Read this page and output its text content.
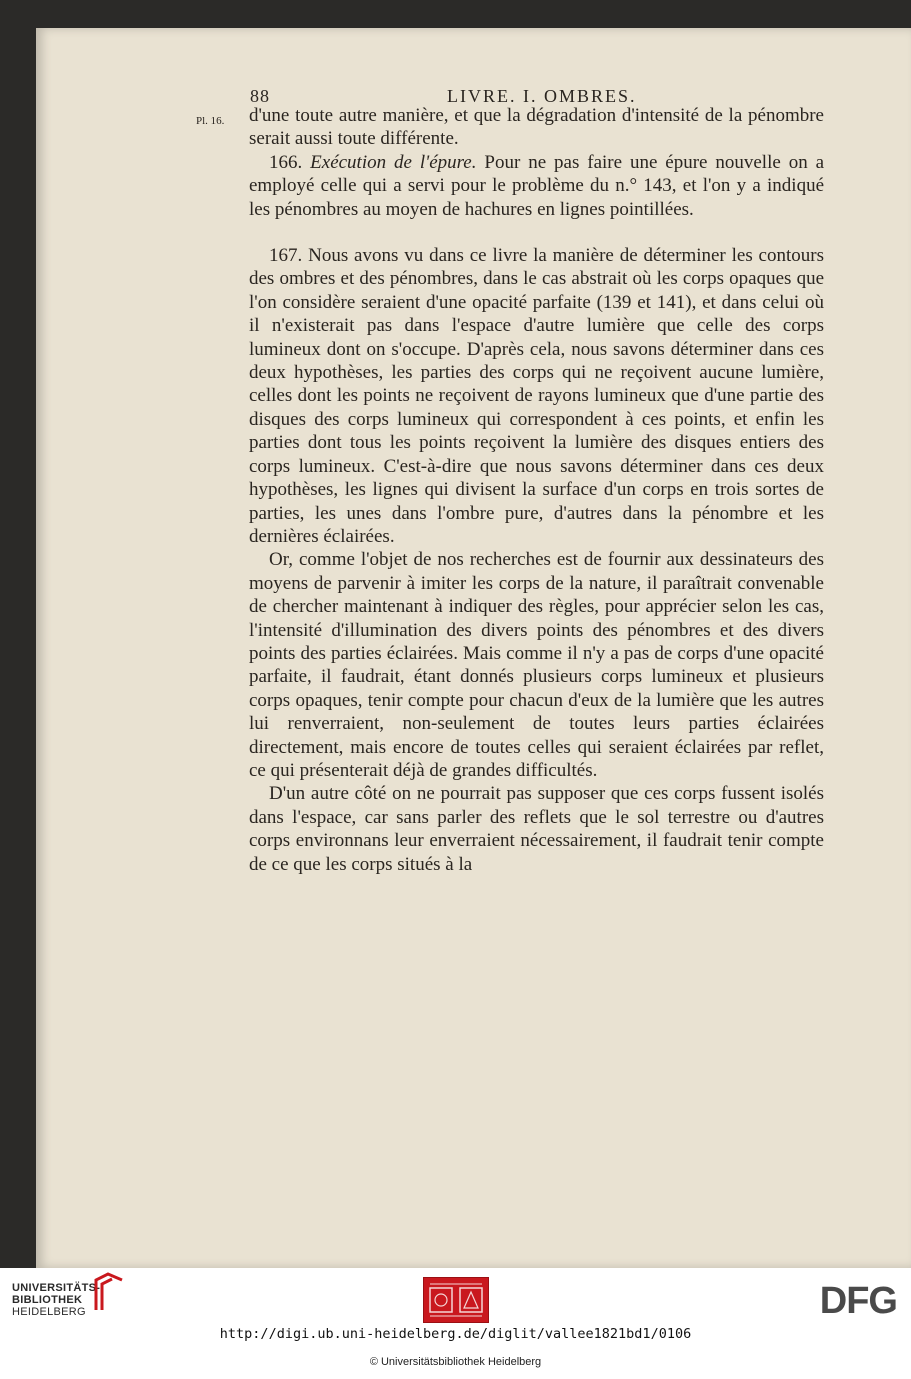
88	LIVRE. I. OMBRES.
Pl. 16. d'une toute autre manière, et que la dégradation d'intensité de la pénombre serait aussi toute différente.

166. Exécution de l'épure. Pour ne pas faire une épure nouvelle on a employé celle qui a servi pour le problème du n.° 143, et l'on y a indiqué les pénombres au moyen de hachures en lignes pointillées.

167. Nous avons vu dans ce livre la manière de déterminer les contours des ombres et des pénombres, dans le cas abstrait où les corps opaques que l'on considère seraient d'une opacité parfaite (139 et 141), et dans celui où il n'existerait pas dans l'espace d'autre lumière que celle des corps lumineux dont on s'occupe. D'après cela, nous savons déterminer dans ces deux hypothèses, les parties des corps qui ne reçoivent aucune lumière, celles dont les points ne reçoivent de rayons lumineux que d'une partie des disques des corps lumineux qui correspondent à ces points, et enfin les parties dont tous les points reçoivent la lumière des disques entiers des corps lumineux. C'est-à-dire que nous savons déterminer dans ces deux hypothèses, les lignes qui divisent la surface d'un corps en trois sortes de parties, les unes dans l'ombre pure, d'autres dans la pénombre et les dernières éclairées.

Or, comme l'objet de nos recherches est de fournir aux dessinateurs des moyens de parvenir à imiter les corps de la nature, il paraîtrait convenable de chercher maintenant à indiquer des règles, pour apprécier selon les cas, l'intensité d'illumination des divers points des pénombres et des divers points des parties éclairées. Mais comme il n'y a pas de corps d'une opacité parfaite, il faudrait, étant donnés plusieurs corps lumineux et plusieurs corps opaques, tenir compte pour chacun d'eux de la lumière que les autres lui renverraient, non-seulement de toutes leurs parties éclairées directement, mais encore de toutes celles qui seraient éclairées par reflet, ce qui présenterait déjà de grandes difficultés.

D'un autre côté on ne pourrait pas supposer que ces corps fussent isolés dans l'espace, car sans parler des reflets que le sol terrestre ou d'autres corps environnans leur enverraient nécessairement, il faudrait tenir compte de ce que les corps situés à la

UNIVERSITÄTS-
BIBLIOTHEK
HEIDELBERG	DFG
http://digi.ub.uni-heidelberg.de/diglit/vallee1821bd1/0106
© Universitätsbibliothek Heidelberg
